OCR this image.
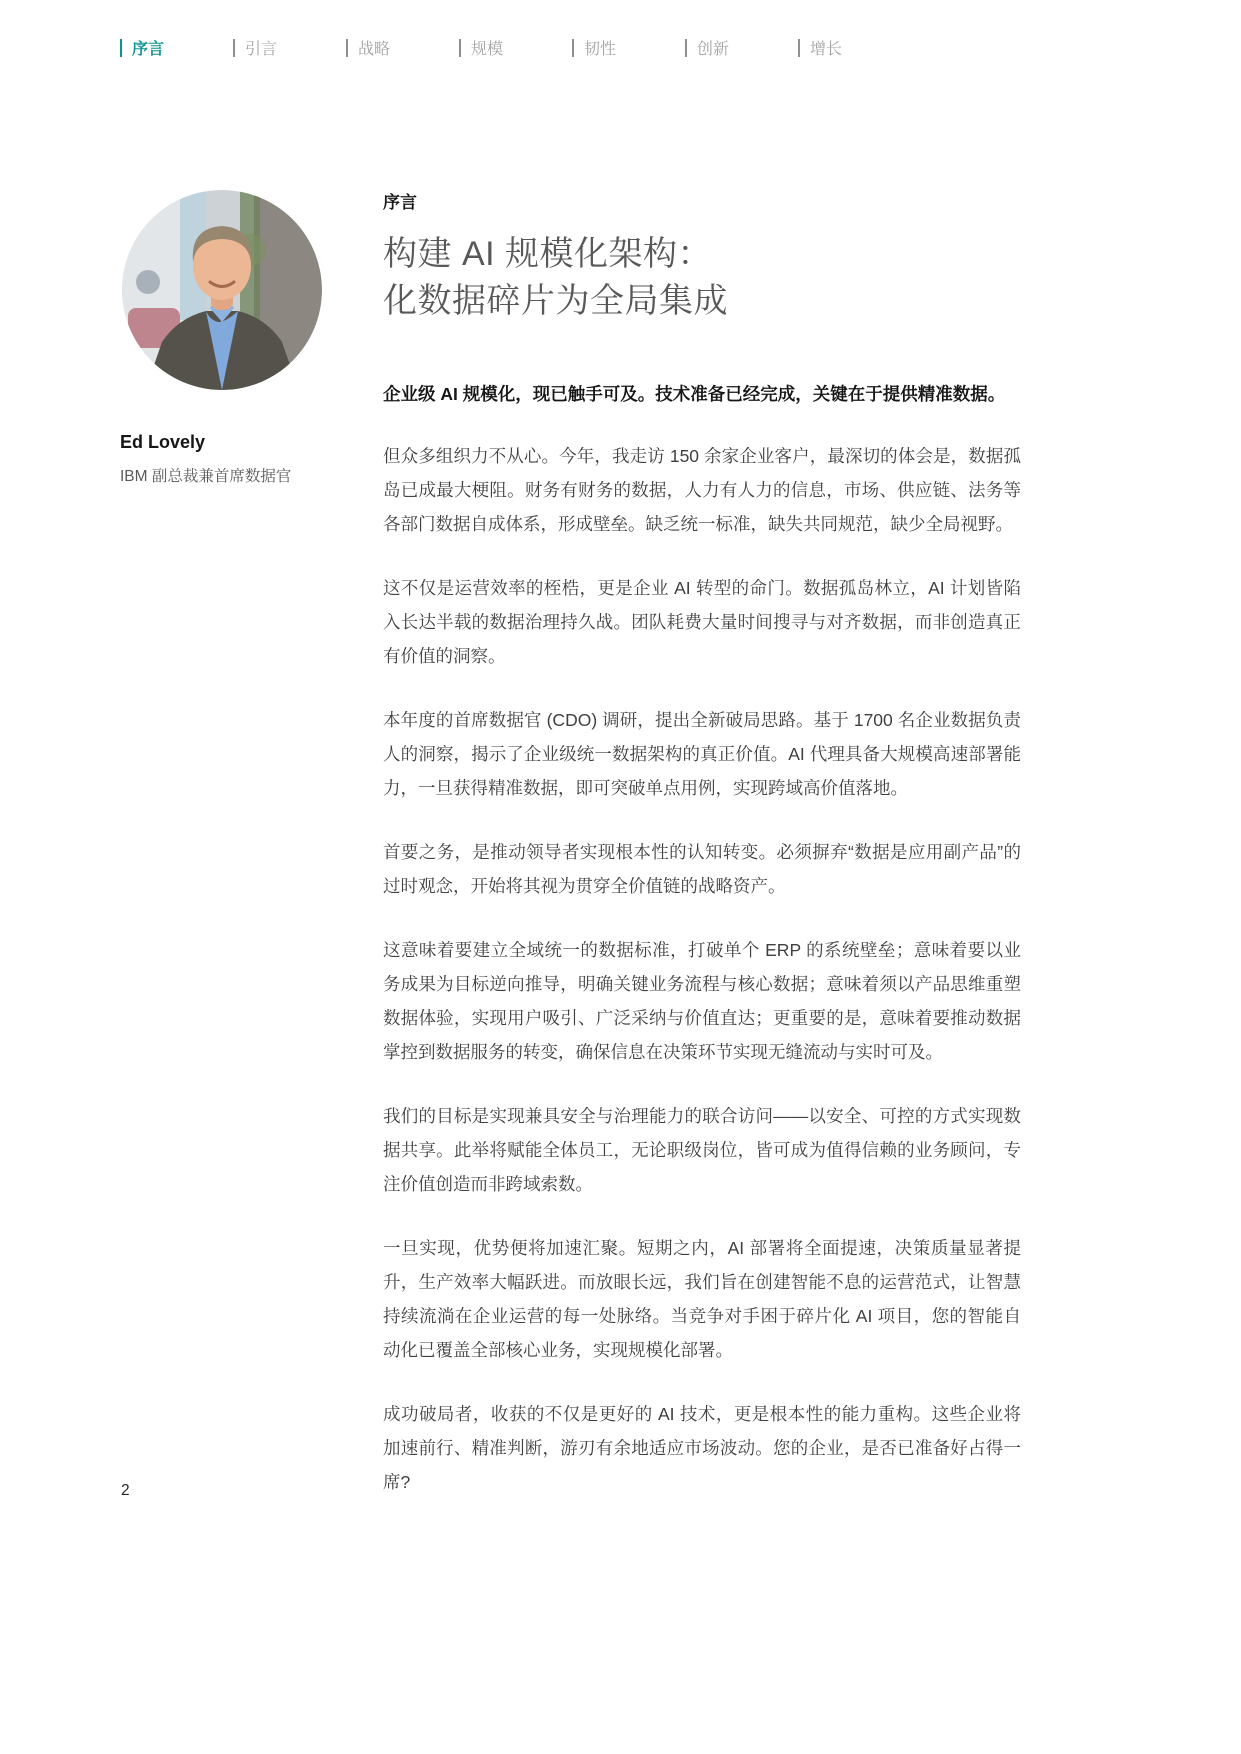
序言	引言	战略	规模	韧性	创新	增长
Ed Lovely
IBM 副总裁兼首席数据官
序言
构建 AI 规模化架构：
化数据碎片为全局集成

企业级 AI 规模化，现已触手可及。技术准备已经完成，关键在于提供精准数据。

但众多组织力不从心。今年，我走访 150 余家企业客户，最深切的体会是，数据孤岛已成最大梗阻。财务有财务的数据，人力有人力的信息，市场、供应链、法务等各部门数据自成体系，形成壁垒。缺乏统一标准，缺失共同规范，缺少全局视野。

这不仅是运营效率的桎梏，更是企业 AI 转型的命门。数据孤岛林立，AI 计划皆陷入长达半载的数据治理持久战。团队耗费大量时间搜寻与对齐数据，而非创造真正有价值的洞察。

本年度的首席数据官 (CDO) 调研，提出全新破局思路。基于 1700 名企业数据负责人的洞察，揭示了企业级统一数据架构的真正价值。AI 代理具备大规模高速部署能力，一旦获得精准数据，即可突破单点用例，实现跨域高价值落地。

首要之务，是推动领导者实现根本性的认知转变。必须摒弃“数据是应用副产品”的过时观念，开始将其视为贯穿全价值链的战略资产。

这意味着要建立全域统一的数据标准，打破单个 ERP 的系统壁垒；意味着要以业务成果为目标逆向推导，明确关键业务流程与核心数据；意味着须以产品思维重塑数据体验，实现用户吸引、广泛采纳与价值直达；更重要的是，意味着要推动数据掌控到数据服务的转变，确保信息在决策环节实现无缝流动与实时可及。

我们的目标是实现兼具安全与治理能力的联合访问——以安全、可控的方式实现数据共享。此举将赋能全体员工，无论职级岗位，皆可成为值得信赖的业务顾问，专注价值创造而非跨域索数。

一旦实现，优势便将加速汇聚。短期之内，AI 部署将全面提速，决策质量显著提升，生产效率大幅跃进。而放眼长远，我们旨在创建智能不息的运营范式，让智慧持续流淌在企业运营的每一处脉络。当竞争对手困于碎片化 AI 项目，您的智能自动化已覆盖全部核心业务，实现规模化部署。

成功破局者，收获的不仅是更好的 AI 技术，更是根本性的能力重构。这些企业将加速前行、精准判断，游刃有余地适应市场波动。您的企业，是否已准备好占得一席?

2
